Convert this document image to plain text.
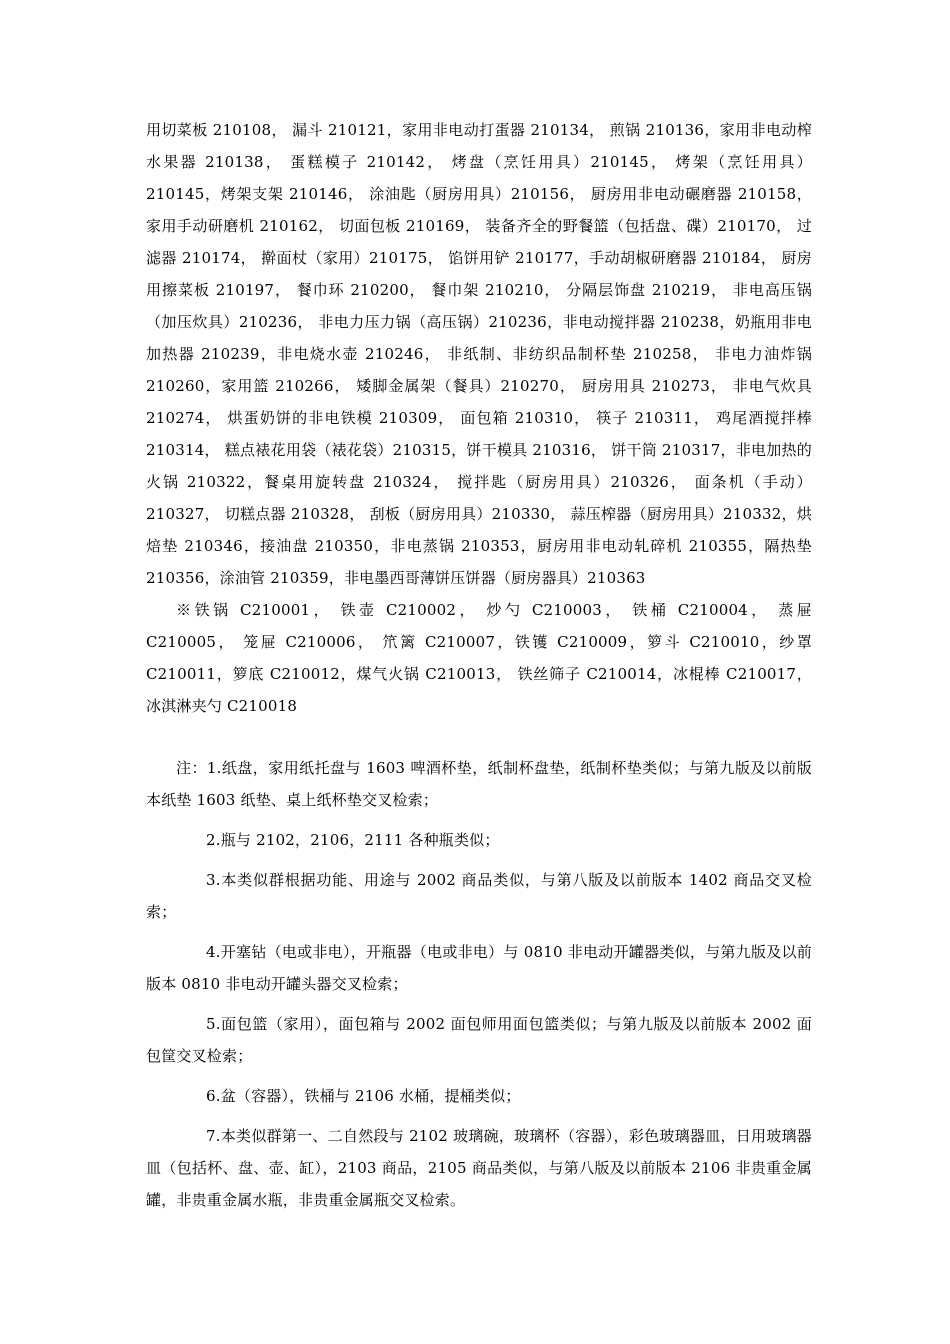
用切菜板 210108， 漏斗 210121，家用非电动打蛋器 210134， 煎锅 210136，家用非电动榨水果器 210138， 蛋糕模子 210142， 烤盘（烹饪用具）210145， 烤架（烹饪用具）210145，烤架支架 210146， 涂油匙（厨房用具）210156， 厨房用非电动碾磨器 210158， 家用手动研磨机 210162， 切面包板 210169， 装备齐全的野餐篮（包括盘、碟）210170， 过滤器 210174， 擀面杖（家用）210175， 馅饼用铲 210177，手动胡椒研磨器 210184， 厨房用擦菜板 210197， 餐巾环 210200， 餐巾架 210210， 分隔层饰盘 210219， 非电高压锅（加压炊具）210236， 非电力压力锅（高压锅）210236，非电动搅拌器 210238，奶瓶用非电加热器 210239，非电烧水壶 210246， 非纸制、非纺织品制杯垫 210258， 非电力油炸锅 210260，家用篮 210266， 矮脚金属架（餐具）210270， 厨房用具 210273， 非电气炊具 210274， 烘蛋奶饼的非电铁模 210309， 面包箱 210310， 筷子 210311， 鸡尾酒搅拌棒 210314， 糕点裱花用袋（裱花袋）210315，饼干模具 210316， 饼干筒 210317，非电加热的火锅 210322，餐桌用旋转盘 210324， 搅拌匙（厨房用具）210326， 面条机（手动）210327， 切糕点器 210328， 刮板（厨房用具）210330， 蒜压榨器（厨房用具）210332，烘焙垫 210346，接油盘 210350，非电蒸锅 210353，厨房用非电动轧碎机 210355，隔热垫 210356，涂油管 210359，非电墨西哥薄饼压饼器（厨房器具）210363

※铁锅 C210001， 铁壶 C210002， 炒勺 C210003， 铁桶 C210004， 蒸屉 C210005， 笼屉 C210006， 笊篱 C210007，铁镬 C210009，箩斗 C210010，纱罩 C210011，箩底 C210012，煤气火锅 C210013， 铁丝筛子 C210014，冰棍棒 C210017， 冰淇淋夹勺 C210018

注：1.纸盘，家用纸托盘与 1603 啤酒杯垫，纸制杯盘垫，纸制杯垫类似；与第九版及以前版本纸垫 1603 纸垫、桌上纸杯垫交叉检索；

2.瓶与 2102，2106，2111 各种瓶类似；

3.本类似群根据功能、用途与 2002 商品类似，与第八版及以前版本 1402 商品交叉检索；

4.开塞钻（电或非电），开瓶器（电或非电）与 0810 非电动开罐器类似，与第九版及以前版本 0810 非电动开罐头器交叉检索；

5.面包篮（家用），面包箱与 2002 面包师用面包篮类似；与第九版及以前版本 2002 面包筐交叉检索；

6.盆（容器），铁桶与 2106 水桶，提桶类似；

7.本类似群第一、二自然段与 2102 玻璃碗，玻璃杯（容器），彩色玻璃器皿，日用玻璃器皿（包括杯、盘、壶、缸），2103 商品，2105 商品类似，与第八版及以前版本 2106 非贵重金属罐，非贵重金属水瓶，非贵重金属瓶交叉检索。
